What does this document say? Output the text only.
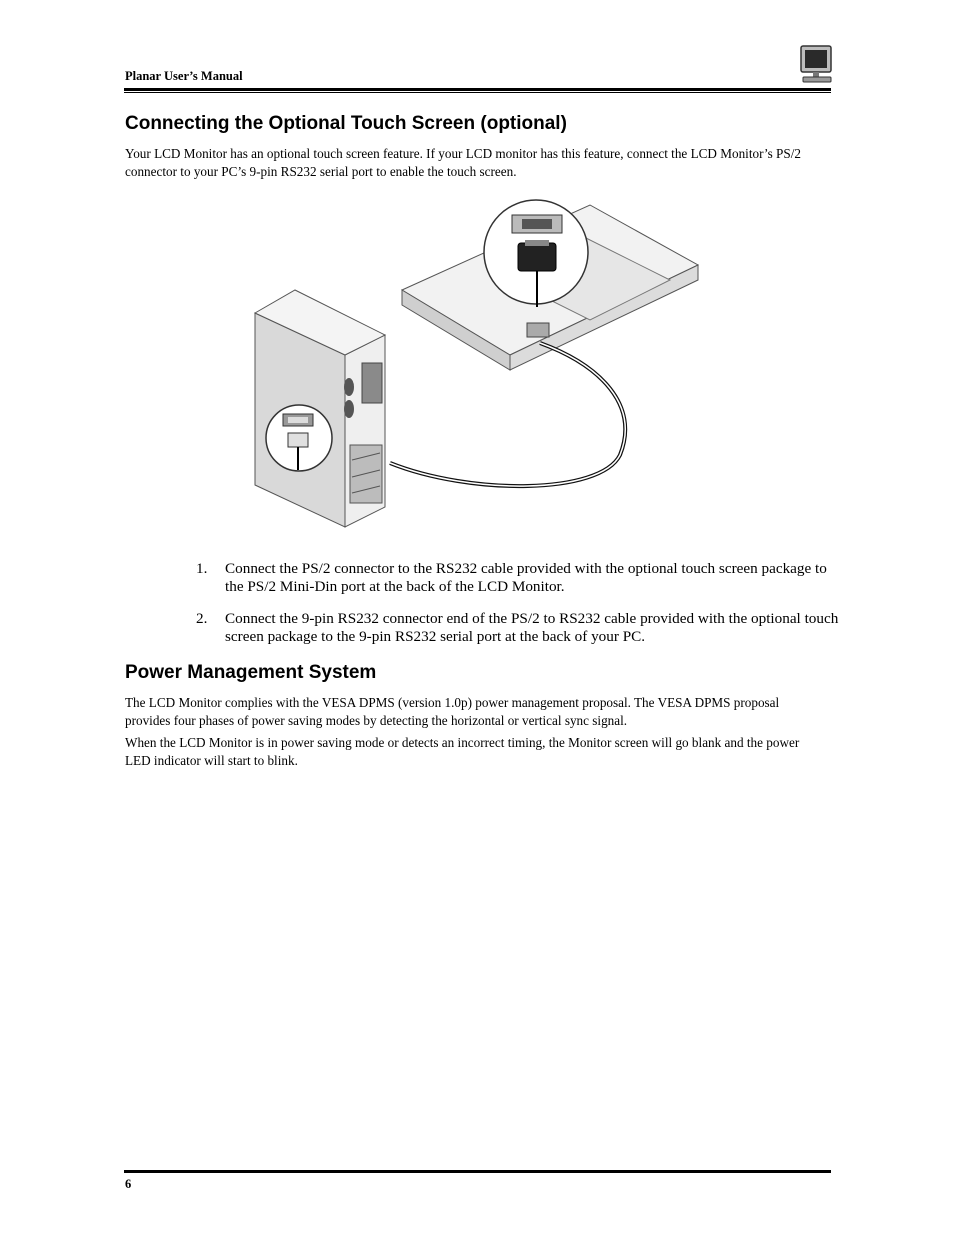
Planar User’s Manual
Connecting the Optional Touch Screen (optional)

Your LCD Monitor has an optional touch screen feature. If your LCD monitor has this feature, connect the LCD Monitor’s PS/2 connector to your PC’s 9-pin RS232 serial port to enable the touch screen.

1. Connect the PS/2 connector to the RS232 cable provided with the optional touch screen package to the PS/2 Mini-Din port at the back of the LCD Monitor.
2. Connect the 9-pin RS232 connector end of the PS/2 to RS232 cable provided with the optional touch screen package to the 9-pin RS232 serial port at the back of your PC.
Power Management System

The LCD Monitor complies with the VESA DPMS (version 1.0p) power management proposal. The VESA DPMS proposal provides four phases of power saving modes by detecting the horizontal or vertical sync signal.

When the LCD Monitor is in power saving mode or detects an incorrect timing, the Monitor screen will go blank and the power LED indicator will start to blink.

6
